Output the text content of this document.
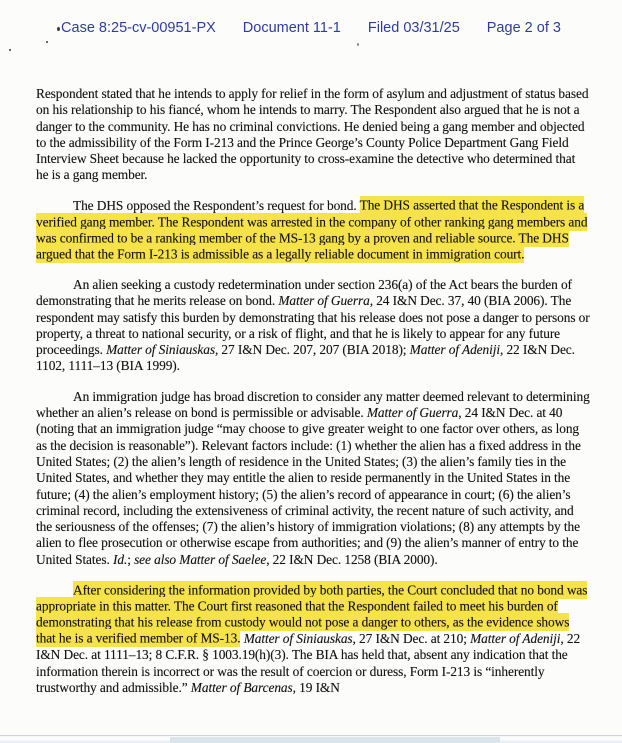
Case 8:25-cv-00951-PX Document 11-1 Filed 03/31/25 Page 2 of 3

Respondent stated that he intends to apply for relief in the form of asylum and adjustment of status based on his relationship to his fiancé, whom he intends to marry. The Respondent also argued that he is not a danger to the community. He has no criminal convictions. He denied being a gang member and objected to the admissibility of the Form I-213 and the Prince George’s County Police Department Gang Field Interview Sheet because he lacked the opportunity to cross-examine the detective who determined that he is a gang member.

The DHS opposed the Respondent’s request for bond. The DHS asserted that the Respondent is a verified gang member. The Respondent was arrested in the company of other ranking gang members and was confirmed to be a ranking member of the MS-13 gang by a proven and reliable source. The DHS argued that the Form I-213 is admissible as a legally reliable document in immigration court.

An alien seeking a custody redetermination under section 236(a) of the Act bears the burden of demonstrating that he merits release on bond. Matter of Guerra, 24 I&N Dec. 37, 40 (BIA 2006). The respondent may satisfy this burden by demonstrating that his release does not pose a danger to persons or property, a threat to national security, or a risk of flight, and that he is likely to appear for any future proceedings. Matter of Siniauskas, 27 I&N Dec. 207, 207 (BIA 2018); Matter of Adeniji, 22 I&N Dec. 1102, 1111–13 (BIA 1999).

An immigration judge has broad discretion to consider any matter deemed relevant to determining whether an alien’s release on bond is permissible or advisable. Matter of Guerra, 24 I&N Dec. at 40 (noting that an immigration judge “may choose to give greater weight to one factor over others, as long as the decision is reasonable”). Relevant factors include: (1) whether the alien has a fixed address in the United States; (2) the alien’s length of residence in the United States; (3) the alien’s family ties in the United States, and whether they may entitle the alien to reside permanently in the United States in the future; (4) the alien’s employment history; (5) the alien’s record of appearance in court; (6) the alien’s criminal record, including the extensiveness of criminal activity, the recent nature of such activity, and the seriousness of the offenses; (7) the alien’s history of immigration violations; (8) any attempts by the alien to flee prosecution or otherwise escape from authorities; and (9) the alien’s manner of entry to the United States. Id.; see also Matter of Saelee, 22 I&N Dec. 1258 (BIA 2000).

After considering the information provided by both parties, the Court concluded that no bond was appropriate in this matter. The Court first reasoned that the Respondent failed to meet his burden of demonstrating that his release from custody would not pose a danger to others, as the evidence shows that he is a verified member of MS-13. Matter of Siniauskas, 27 I&N Dec. at 210; Matter of Adeniji, 22 I&N Dec. at 1111–13; 8 C.F.R. § 1003.19(h)(3). The BIA has held that, absent any indication that the information therein is incorrect or was the result of coercion or duress, Form I-213 is “inherently trustworthy and admissible.” Matter of Barcenas, 19 I&N
